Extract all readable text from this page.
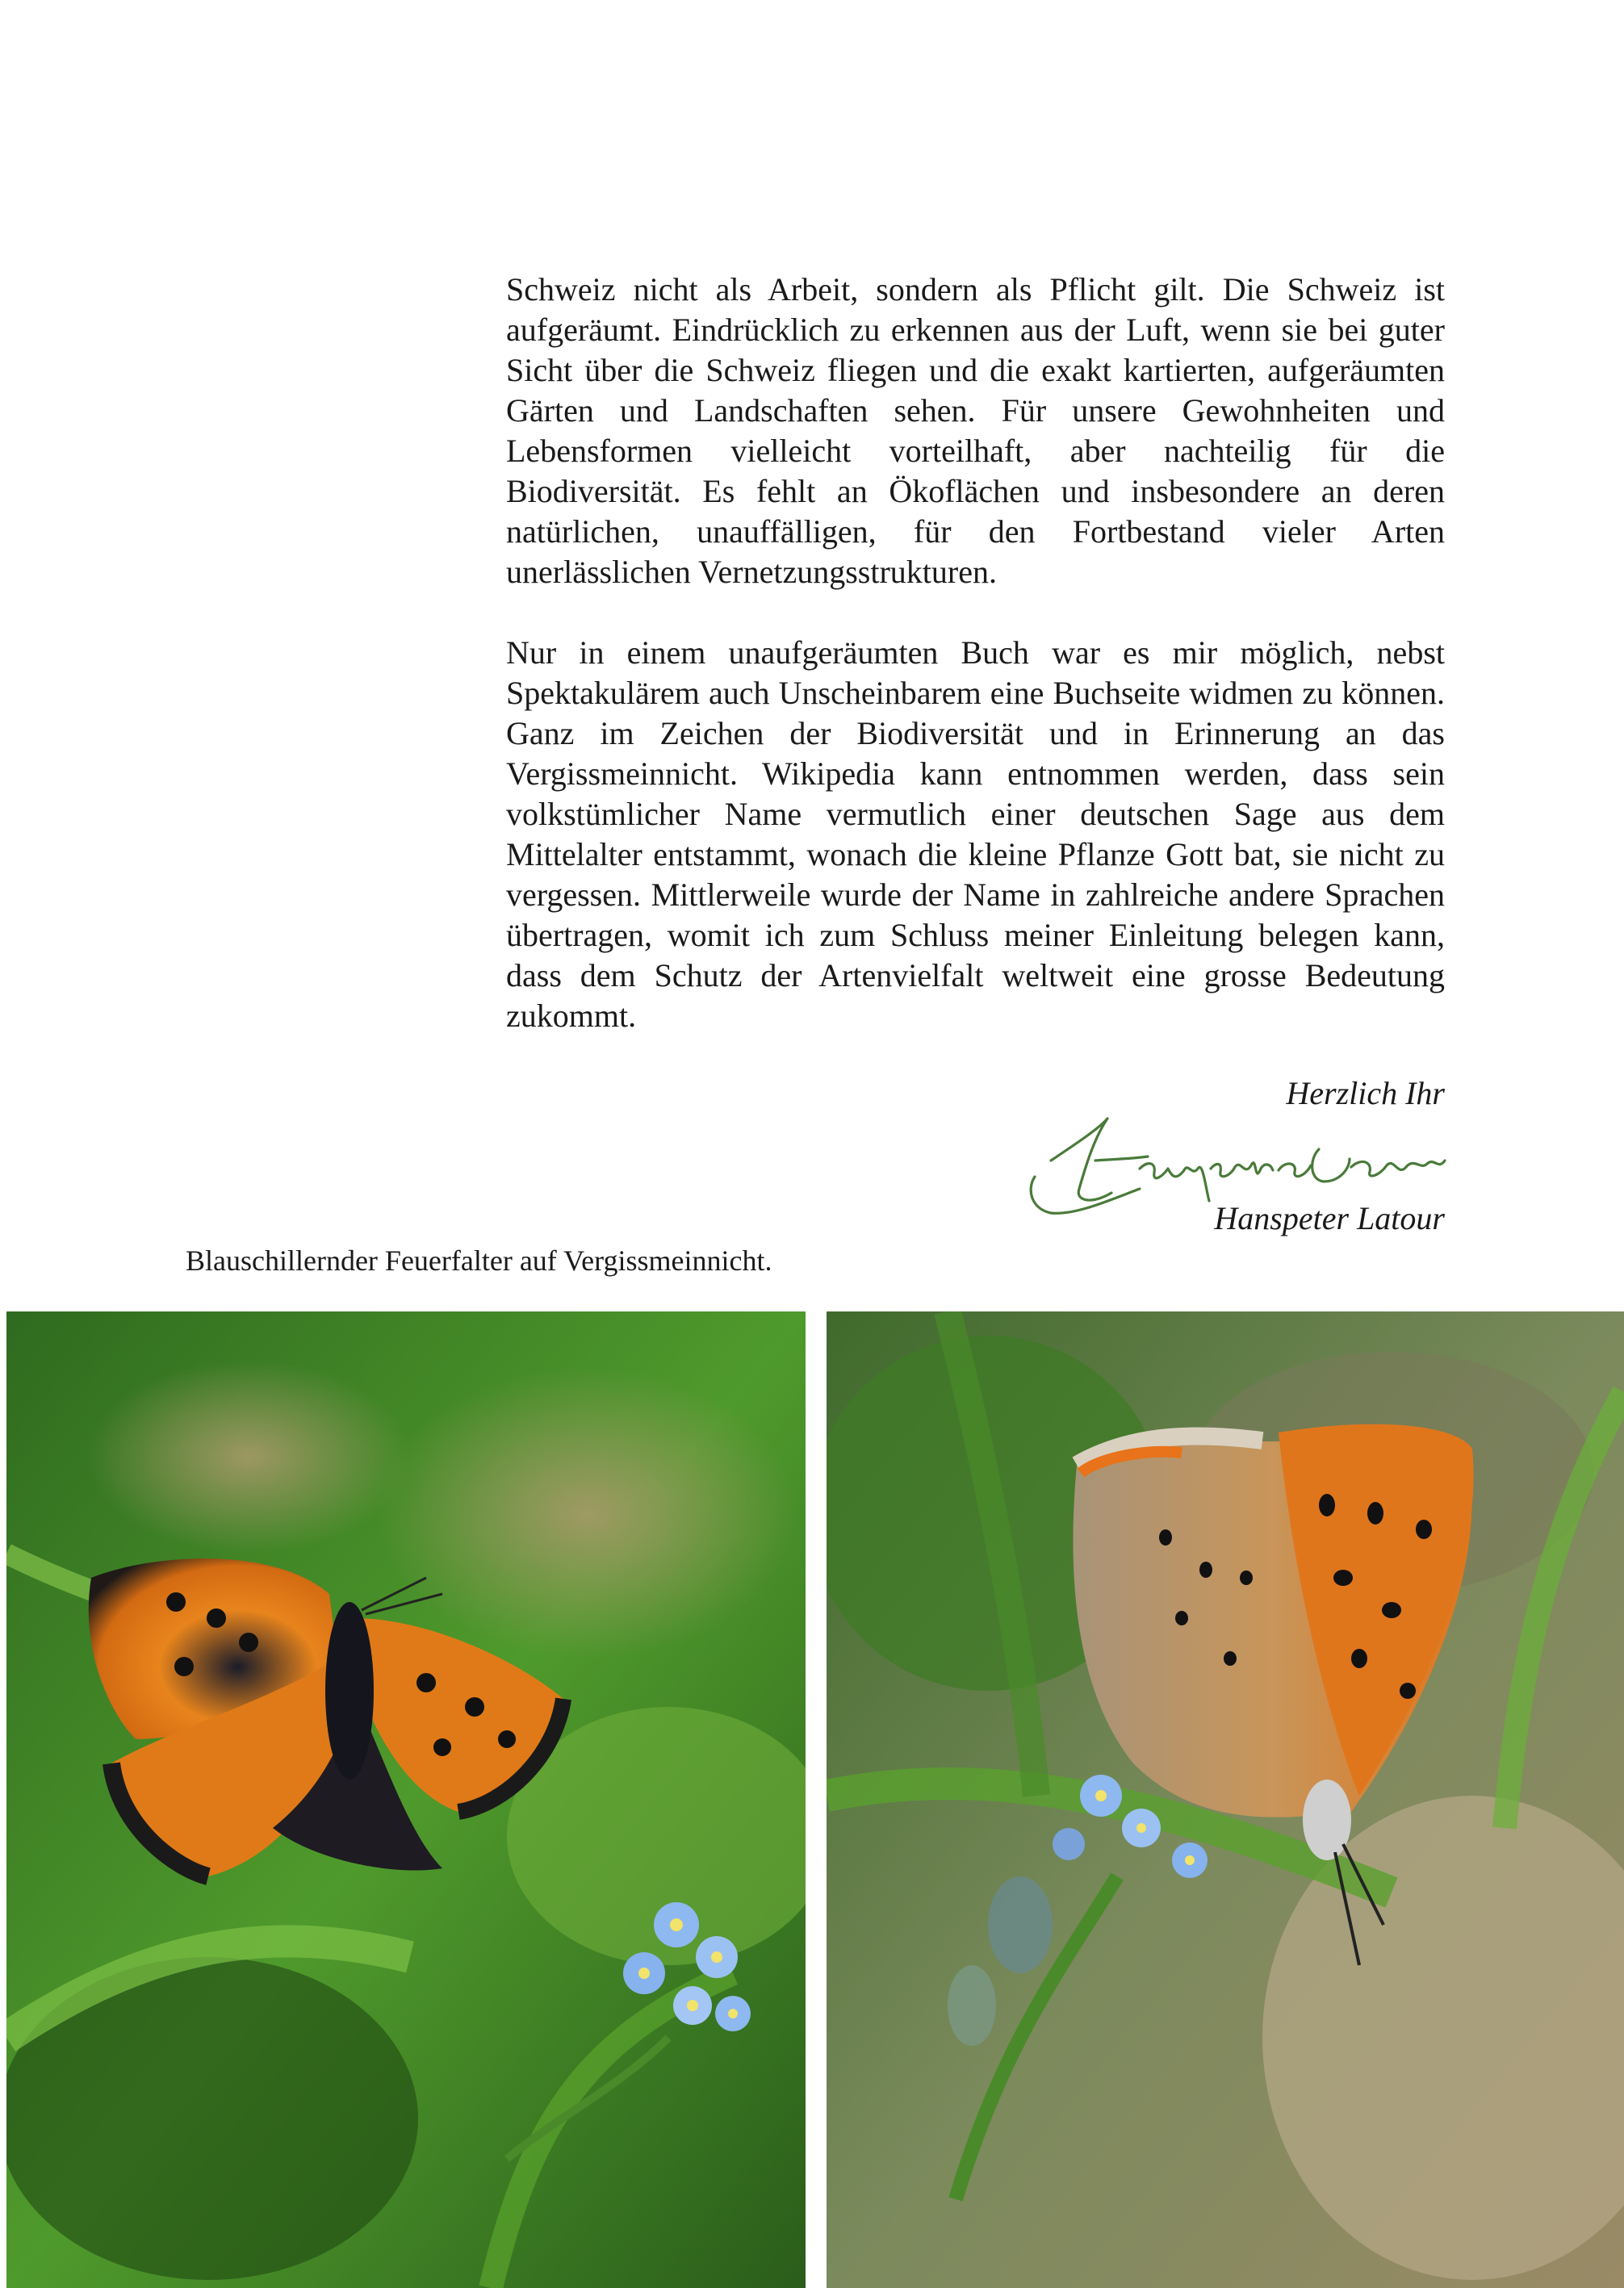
Schweiz nicht als Arbeit, sondern als Pflicht gilt. Die Schweiz ist aufgeräumt. Eindrücklich zu erkennen aus der Luft, wenn sie bei guter Sicht über die Schweiz fliegen und die exakt kartierten, aufgeräumten Gärten und Landschaften sehen. Für unsere Gewohnheiten und Lebensformen vielleicht vorteilhaft, aber nachteilig für die Biodiversität. Es fehlt an Ökoflächen und insbesondere an deren natürlichen, unauffälligen, für den Fortbestand vieler Arten unerlässlichen Vernetzungsstrukturen.

Nur in einem unaufgeräumten Buch war es mir möglich, nebst Spektakulärem auch Unscheinbarem eine Buchseite widmen zu können. Ganz im Zeichen der Biodiversität und in Erinnerung an das Vergissmeinnicht. Wikipedia kann entnommen werden, dass sein volkstümlicher Name vermutlich einer deutschen Sage aus dem Mittelalter entstammt, wonach die kleine Pflanze Gott bat, sie nicht zu vergessen. Mittlerweile wurde der Name in zahlreiche andere Sprachen übertragen, womit ich zum Schluss meiner Einleitung belegen kann, dass dem Schutz der Artenvielfalt weltweit eine grosse Bedeutung zukommt.

Herzlich Ihr
Hanspeter Latour
Blauschillernder Feuerfalter auf Vergissmeinnicht.
